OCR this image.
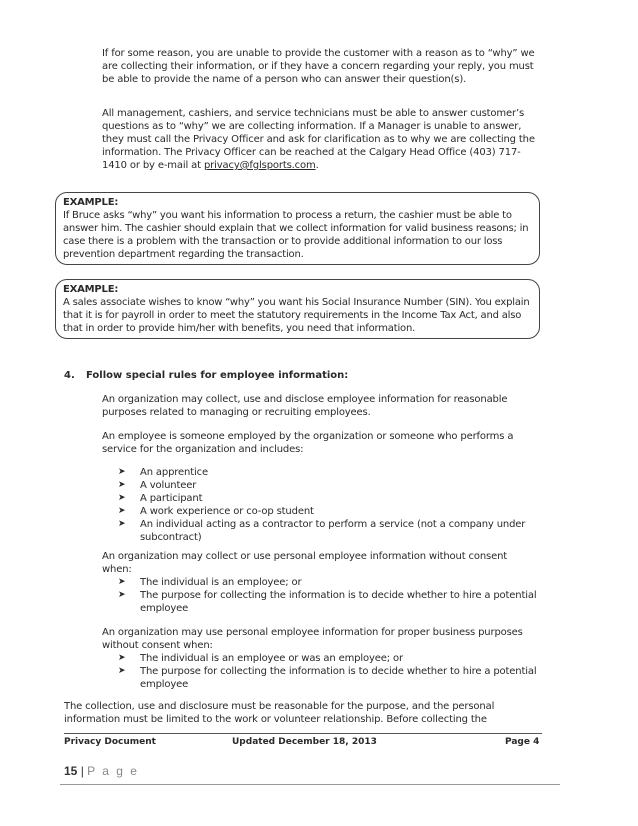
If for some reason, you are unable to provide the customer with a reason as to “why” we are collecting their information, or if they have a concern regarding your reply, you must be able to provide the name of a person who can answer their question(s).

All management, cashiers, and service technicians must be able to answer customer’s questions as to “why” we are collecting information. If a Manager is unable to answer, they must call the Privacy Officer and ask for clarification as to why we are collecting the information. The Privacy Officer can be reached at the Calgary Head Office (403) 717-1410 or by e-mail at privacy@fglsports.com.

EXAMPLE:
If Bruce asks “why” you want his information to process a return, the cashier must be able to answer him. The cashier should explain that we collect information for valid business reasons; in case there is a problem with the transaction or to provide additional information to our loss prevention department regarding the transaction.
EXAMPLE:
A sales associate wishes to know “why” you want his Social Insurance Number (SIN). You explain that it is for payroll in order to meet the statutory requirements in the Income Tax Act, and also that in order to provide him/her with benefits, you need that information.

4. Follow special rules for employee information:

An organization may collect, use and disclose employee information for reasonable purposes related to managing or recruiting employees.

An employee is someone employed by the organization or someone who performs a service for the organization and includes:

➤ An apprentice
➤ A volunteer
➤ A participant
➤ A work experience or co-op student
➤ An individual acting as a contractor to perform a service (not a company under subcontract)

An organization may collect or use personal employee information without consent when:

➤ The individual is an employee; or
➤ The purpose for collecting the information is to decide whether to hire a potential employee

An organization may use personal employee information for proper business purposes without consent when:

➤ The individual is an employee or was an employee; or
➤ The purpose for collecting the information is to decide whether to hire a potential employee

The collection, use and disclosure must be reasonable for the purpose, and the personal information must be limited to the work or volunteer relationship. Before collecting the

Privacy Document	Updated December 18, 2013	Page 4
15 | P a g e
